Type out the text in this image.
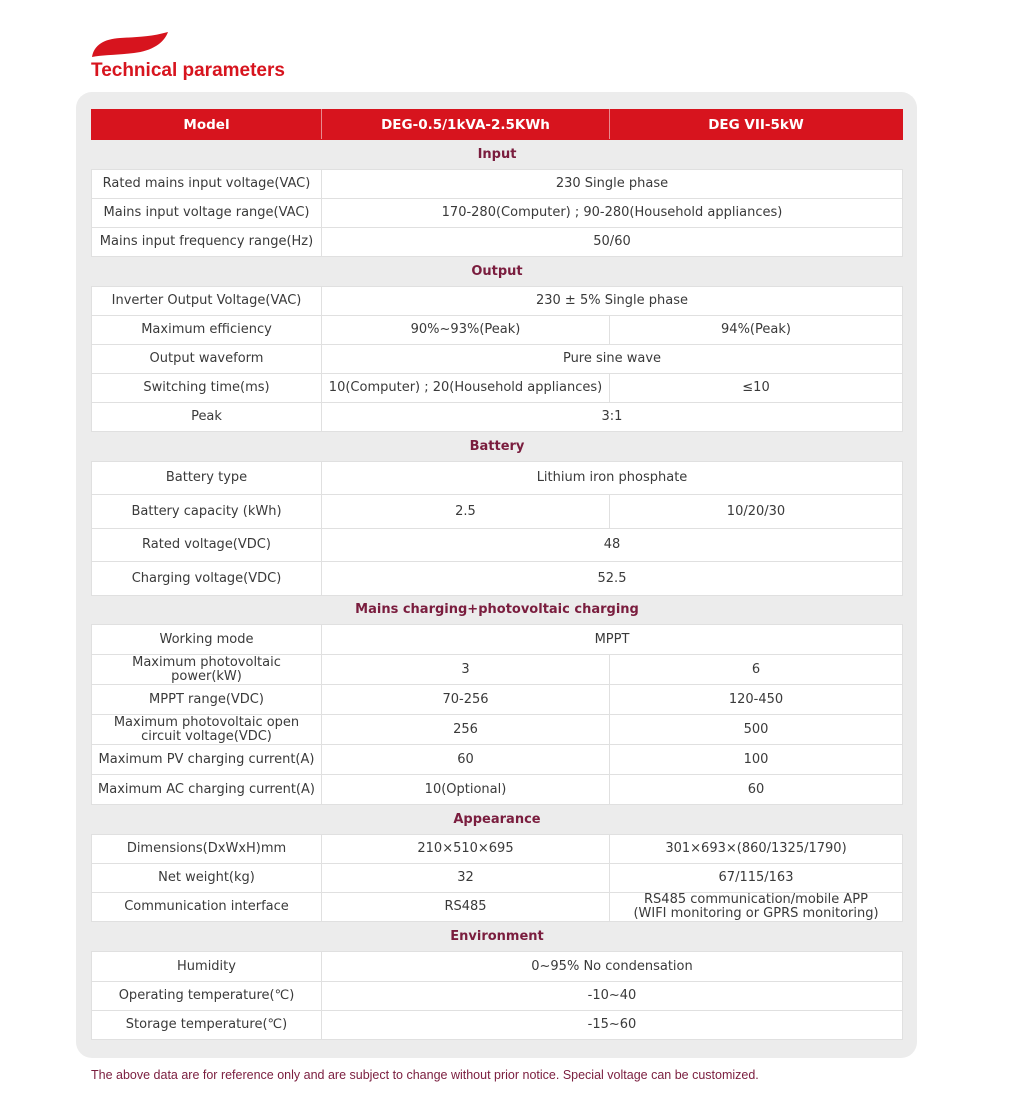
Technical parameters
Model	DEG-0.5/1kVA-2.5KWh	DEG VII-5kW
Input		
Rated mains input voltage(VAC)	230 Single phase	
Mains input voltage range(VAC)	170-280(Computer) ; 90-280(Household appliances)	
Mains input frequency range(Hz)	50/60	
Output		
Inverter Output Voltage(VAC)	230 ± 5% Single phase	
Maximum efficiency	90%~93%(Peak)	94%(Peak)
Output waveform	Pure sine wave	
Switching time(ms)	10(Computer) ; 20(Household appliances)	≤10
Peak	3:1	
Battery		
Battery type	Lithium iron phosphate	
Battery capacity (kWh)	2.5	10/20/30
Rated voltage(VDC)	48	
Charging voltage(VDC)	52.5	
Mains charging+photovoltaic charging		
Working mode	MPPT	
Maximum photovoltaic power(kW)	3	6
MPPT range(VDC)	70-256	120-450

Maximum photovoltaic open
circuit voltage(VDC)	256	500
Maximum PV charging current(A)	60	100
Maximum AC charging current(A)	10(Optional)	60
Appearance		
Dimensions(DxWxH)mm	210×510×695	301×693×(860/1325/1790)
Net weight(kg)	32	67/115/163
Communication interface	RS485	RS485 communication/mobile APP
(WIFI monitoring or GPRS monitoring)

Environment		
Humidity	0~95% No condensation	
Operating temperature(℃)	-10~40	
Storage temperature(℃)	-15~60	
The above data are for reference only and are subject to change without prior notice. Special voltage can be customized.
